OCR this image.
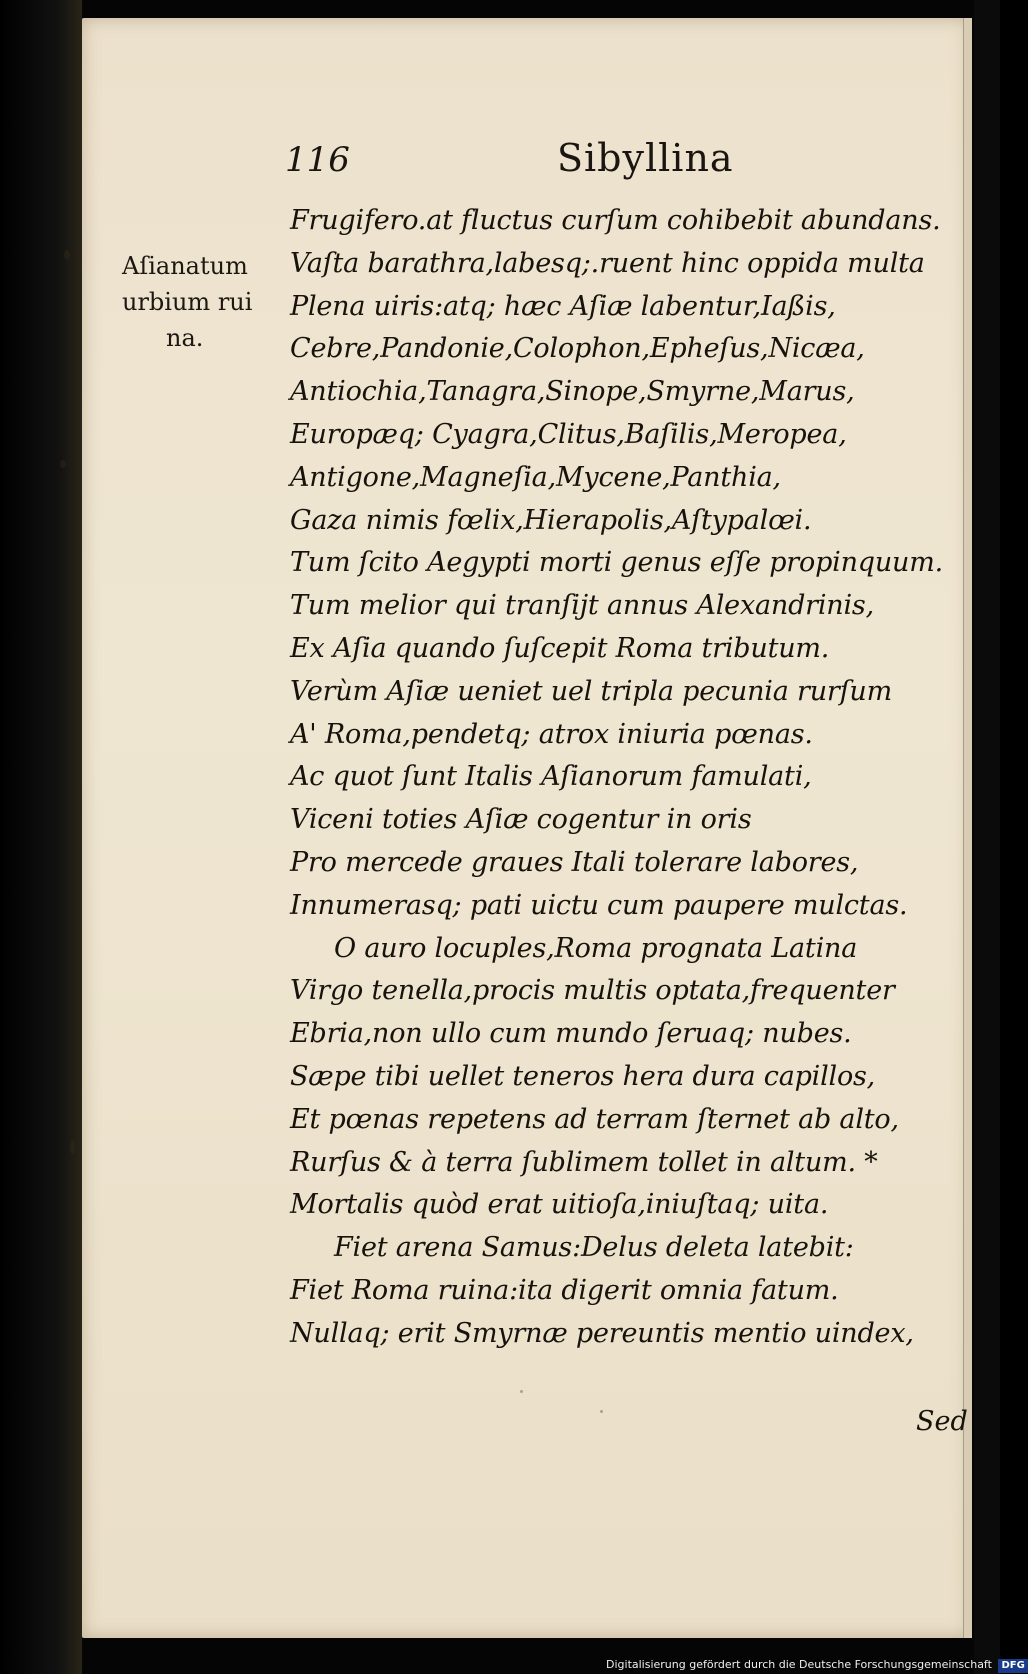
116	Sibyllina
Aſianatum
urbium rui
na.
Frugifero.at fluctus curſum cohibebit abundans.
Vaſta barathra,labesq;.ruent hinc oppida multa
Plena uiris:atq; hæc Aſiæ labentur,Iaßis,
Cebre,Pandonie,Colophon,Epheſus,Nicæa,
Antiochia,Tanagra,Sinope,Smyrne,Marus,
Europæq; Cyagra,Clitus,Baſilis,Meropea,
Antigone,Magneſia,Mycene,Panthia,
Gaza nimis fœlix,Hierapolis,Aſtypalœi.
Tum ſcito Aegypti morti genus eſſe propinquum.
Tum melior qui tranſijt annus Alexandrinis,
Ex Aſia quando ſuſcepit Roma tributum.
Verùm Aſiæ ueniet uel tripla pecunia rurſum
A' Roma,pendetq; atrox iniuria pœnas.
Ac quot ſunt Italis Aſianorum famulati,
Viceni toties Aſiæ cogentur in oris
Pro mercede graues Itali tolerare labores,
Innumerasq; pati uictu cum paupere mulctas.
O auro locuples,Roma prognata Latina
Virgo tenella,procis multis optata,frequenter
Ebria,non ullo cum mundo ſeruaq; nubes.
Sæpe tibi uellet teneros hera dura capillos,
Et pœnas repetens ad terram ſternet ab alto,
Rurſus & à terra ſublimem tollet in altum. *
Mortalis quòd erat uitioſa,iniuſtaq; uita.
Fiet arena Samus:Delus deleta latebit:
Fiet Roma ruina:ita digerit omnia fatum.
Nullaq; erit Smyrnæ pereuntis mentio uindex,
Sed
Digitalisierung gefördert durch die Deutsche Forschungsgemeinschaft DFG
